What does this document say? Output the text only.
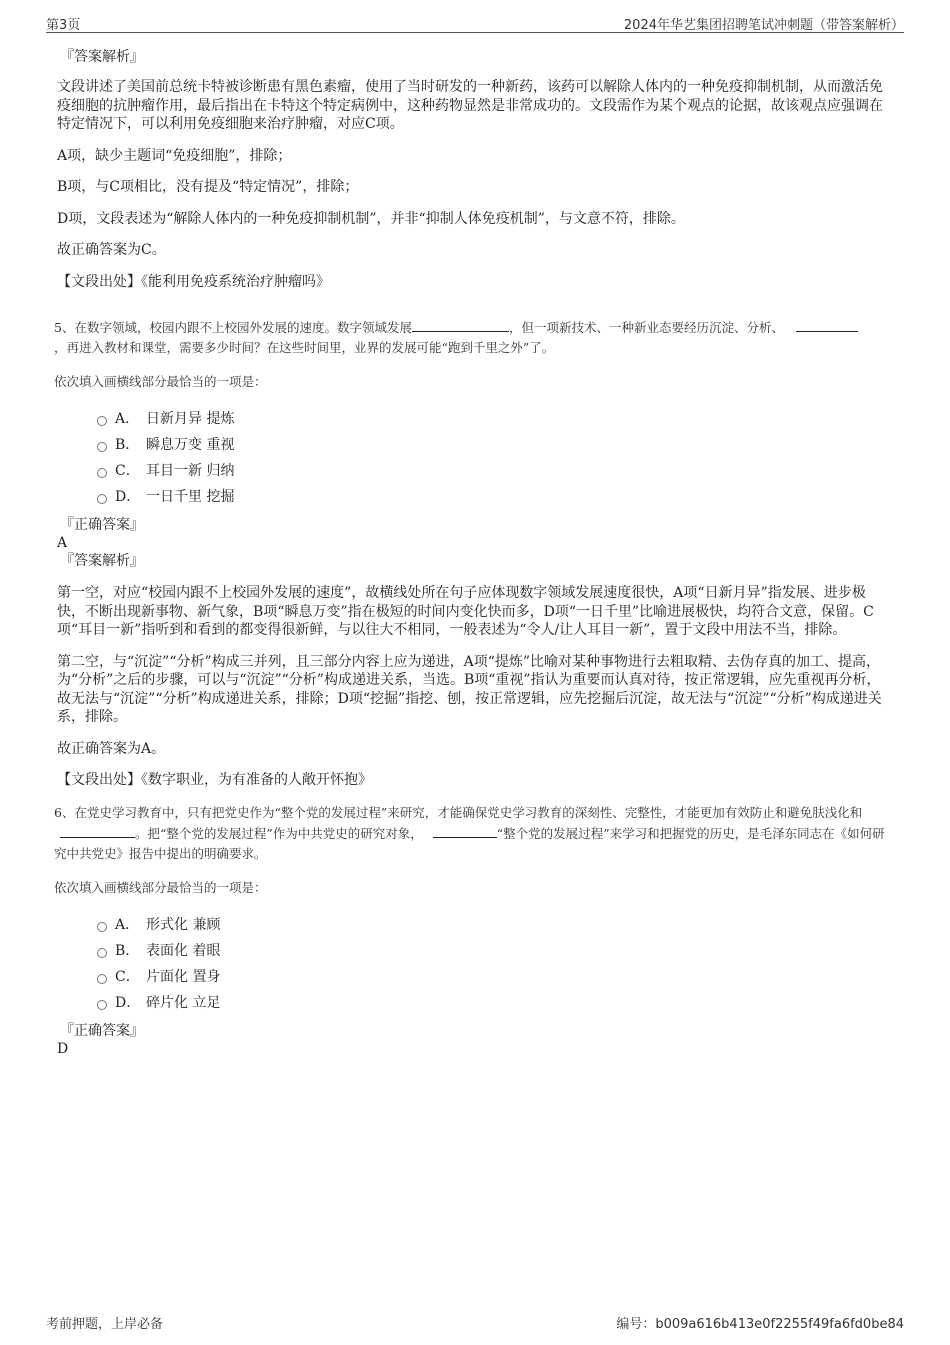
第3页	2024年华艺集团招聘笔试冲刺题（带答案解析）
『答案解析』

文段讲述了美国前总统卡特被诊断患有黑色素瘤，使用了当时研发的一种新药，该药可以解除人体内的一种免疫抑制机制，从而激活免疫细胞的抗肿瘤作用，最后指出在卡特这个特定病例中，这种药物显然是非常成功的。文段需作为某个观点的论据，故该观点应强调在特定情况下，可以利用免疫细胞来治疗肿瘤，对应C项。

A项，缺少主题词“免疫细胞”，排除；

B项，与C项相比，没有提及“特定情况”，排除；

D项，文段表述为“解除人体内的一种免疫抑制机制”，并非“抑制人体免疫机制”，与文意不符，排除。

故正确答案为C。

【文段出处】《能利用免疫系统治疗肿瘤吗》

5、在数字领域，校园内跟不上校园外发展的速度。数字领域发展	，但一项新技术、一种新业态要经历沉淀、分析、
，再进入教材和课堂，需要多少时间？在这些时间里，业界的发展可能“跑到千里之外”了。

依次填入画横线部分最恰当的一项是：

A． 日新月异 提炼
B． 瞬息万变 重视
C． 耳目一新 归纳
D． 一日千里 挖掘
『正确答案』
A
『答案解析』

第一空，对应“校园内跟不上校园外发展的速度”，故横线处所在句子应体现数字领域发展速度很快，A项“日新月异”指发展、进步极快，不断出现新事物、新气象，B项“瞬息万变”指在极短的时间内变化快而多，D项“一日千里”比喻进展极快，均符合文意，保留。C项“耳目一新”指听到和看到的都变得很新鲜，与以往大不相同，一般表述为“令人/让人耳目一新”，置于文段中用法不当，排除。

第二空，与“沉淀”“分析”构成三并列，且三部分内容上应为递进，A项“提炼”比喻对某种事物进行去粗取精、去伪存真的加工、提高，为“分析”之后的步骤，可以与“沉淀”“分析”构成递进关系，当选。B项“重视”指认为重要而认真对待，按正常逻辑，应先重视再分析，故无法与“沉淀”“分析”构成递进关系，排除；D项“挖掘”指挖、刨，按正常逻辑，应先挖掘后沉淀，故无法与“沉淀”“分析”构成递进关系，排除。

故正确答案为A。

【文段出处】《数字职业，为有准备的人敞开怀抱》

6、在党史学习教育中，只有把党史作为“整个党的发展过程”来研究，才能确保党史学习教育的深刻性、完整性，才能更加有效防止和避免肤浅化和。把“整个党的发展过程”作为中共党史的研究对象，	“整个党的发展过程”来学习和把握党的历史，是毛泽东同志在《如何研究中共党史》报告中提出的明确要求。

依次填入画横线部分最恰当的一项是：

A． 形式化 兼顾
B． 表面化 着眼
C． 片面化 置身
D． 碎片化 立足
『正确答案』
D
考前押题，上岸必备	编号：b009a616b413e0f2255f49fa6fd0be84
